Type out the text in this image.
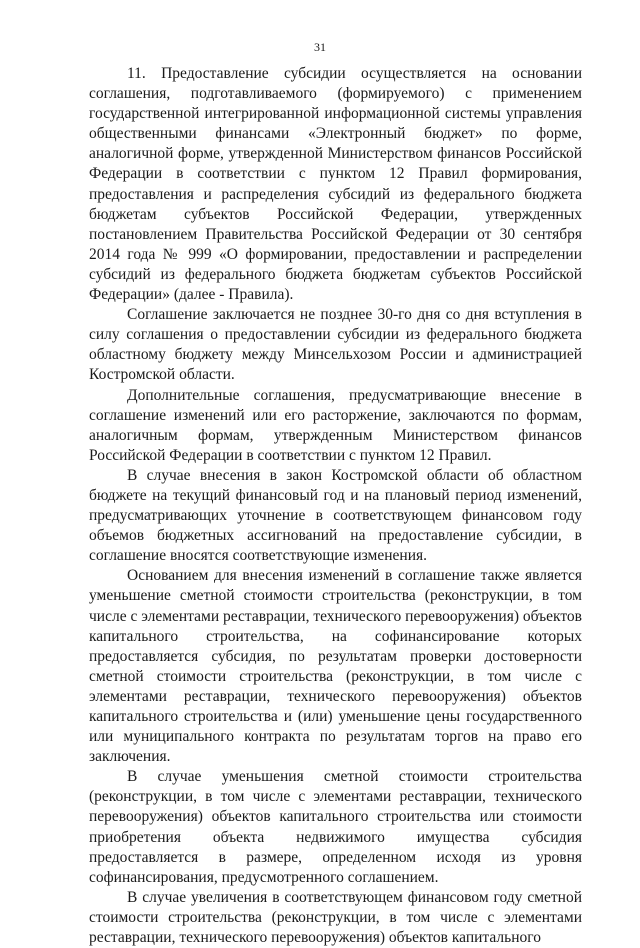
31

11. Предоставление субсидии осуществляется на основании соглашения, подготавливаемого (формируемого) с применением государственной интегрированной информационной системы управления общественными финансами «Электронный бюджет» по форме, аналогичной форме, утвержденной Министерством финансов Российской Федерации в соответствии с пунктом 12 Правил формирования, предоставления и распределения субсидий из федерального бюджета бюджетам субъектов Российской Федерации, утвержденных постановлением Правительства Российской Федерации от 30 сентября 2014 года № 999 «О формировании, предоставлении и распределении субсидий из федерального бюджета бюджетам субъектов Российской Федерации» (далее - Правила).

Соглашение заключается не позднее 30-го дня со дня вступления в силу соглашения о предоставлении субсидии из федерального бюджета областному бюджету между Минсельхозом России и администрацией Костромской области.

Дополнительные соглашения, предусматривающие внесение в соглашение изменений или его расторжение, заключаются по формам, аналогичным формам, утвержденным Министерством финансов Российской Федерации в соответствии с пунктом 12 Правил.

В случае внесения в закон Костромской области об областном бюджете на текущий финансовый год и на плановый период изменений, предусматривающих уточнение в соответствующем финансовом году объемов бюджетных ассигнований на предоставление субсидии, в соглашение вносятся соответствующие изменения.

Основанием для внесения изменений в соглашение также является уменьшение сметной стоимости строительства (реконструкции, в том числе с элементами реставрации, технического перевооружения) объектов капитального строительства, на софинансирование которых предоставляется субсидия, по результатам проверки достоверности сметной стоимости строительства (реконструкции, в том числе с элементами реставрации, технического перевооружения) объектов капитального строительства и (или) уменьшение цены государственного или муниципального контракта по результатам торгов на право его заключения.

В случае уменьшения сметной стоимости строительства (реконструкции, в том числе с элементами реставрации, технического перевооружения) объектов капитального строительства или стоимости приобретения объекта недвижимого имущества субсидия предоставляется в размере, определенном исходя из уровня софинансирования, предусмотренного соглашением.

В случае увеличения в соответствующем финансовом году сметной стоимости строительства (реконструкции, в том числе с элементами реставрации, технического перевооружения) объектов капитального
